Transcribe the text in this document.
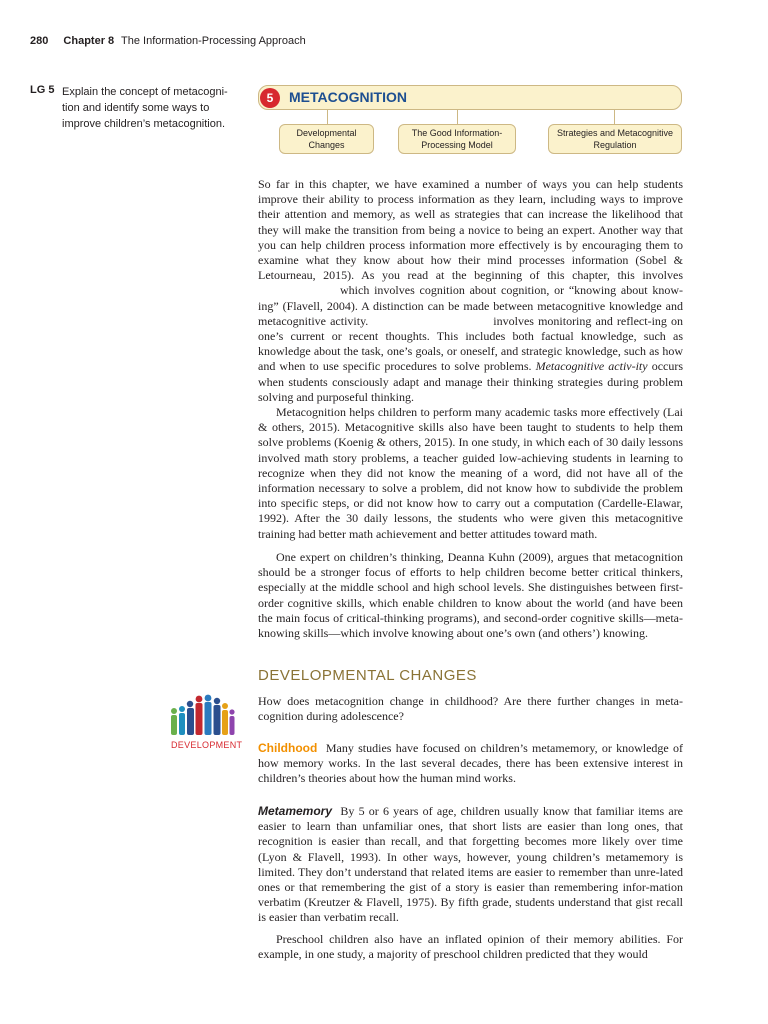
280 Chapter 8 The Information-Processing Approach
LG 5 Explain the concept of metacogni-tion and identify some ways to improve children’s metacognition.
5	METACOGNITION
Developmental
Changes
The Good Information-
Processing Model
Strategies and Metacognitive
Regulation
So far in this chapter, we have examined a number of ways you can help students improve their ability to process information as they learn, including ways to improve their attention and memory, as well as strategies that can increase the likelihood that they will make the transition from being a novice to being an expert. Another way that you can help children process information more effectively is by encouraging them to examine what they know about how their mind processes information (Sobel & Letourneau, 2015). As you read at the beginning of this chapter, this involveswhich involves cognition about cognition, or “knowing about know-ing” (Flavell, 2004). A distinction can be made between metacognitive knowledge and metacognitive activity.	involves monitoring and reflect-ing on one’s current or recent thoughts. This includes both factual knowledge, such as knowledge about the task, one’s goals, or oneself, and strategic knowledge, such as how and when to use specific procedures to solve problems. Metacognitive activ-ity occurs when students consciously adapt and manage their thinking strategies during problem solving and purposeful thinking.
Metacognition helps children to perform many academic tasks more effectively (Lai & others, 2015). Metacognitive skills also have been taught to students to help them solve problems (Koenig & others, 2015). In one study, in which each of 30 daily lessons involved math story problems, a teacher guided low-achieving students in learning to recognize when they did not know the meaning of a word, did not have all of the information necessary to solve a problem, did not know how to subdivide the problem into specific steps, or did not know how to carry out a computation (Cardelle-Elawar, 1992). After the 30 daily lessons, the students who were given this metacognitive training had better math achievement and better attitudes toward math.
One expert on children’s thinking, Deanna Kuhn (2009), argues that metacognition should be a stronger focus of efforts to help children become better critical thinkers, especially at the middle school and high school levels. She distinguishes between first-order cognitive skills, which enable children to know about the world (and have been the main focus of critical-thinking programs), and second-order cognitive skills—meta-knowing skills—which involve knowing about one’s own (and others’) knowing.
DEVELOPMENTAL CHANGES
How does metacognition change in childhood? Are there further changes in meta-cognition during adolescence?
DEVELOPMENT Childhood Many studies have focused on children’s metamemory, or knowledge of how memory works. In the last several decades, there has been extensive interest in children’s theories about how the human mind works.
Metamemory By 5 or 6 years of age, children usually know that familiar items are easier to learn than unfamiliar ones, that short lists are easier than long ones, that recognition is easier than recall, and that forgetting becomes more likely over time (Lyon & Flavell, 1993). In other ways, however, young children’s metamemory is limited. They don’t understand that related items are easier to remember than unre-lated ones or that remembering the gist of a story is easier than remembering infor-mation verbatim (Kreutzer & Flavell, 1975). By fifth grade, students understand that gist recall is easier than verbatim recall.
Preschool children also have an inflated opinion of their memory abilities. For example, in one study, a majority of preschool children predicted that they would
